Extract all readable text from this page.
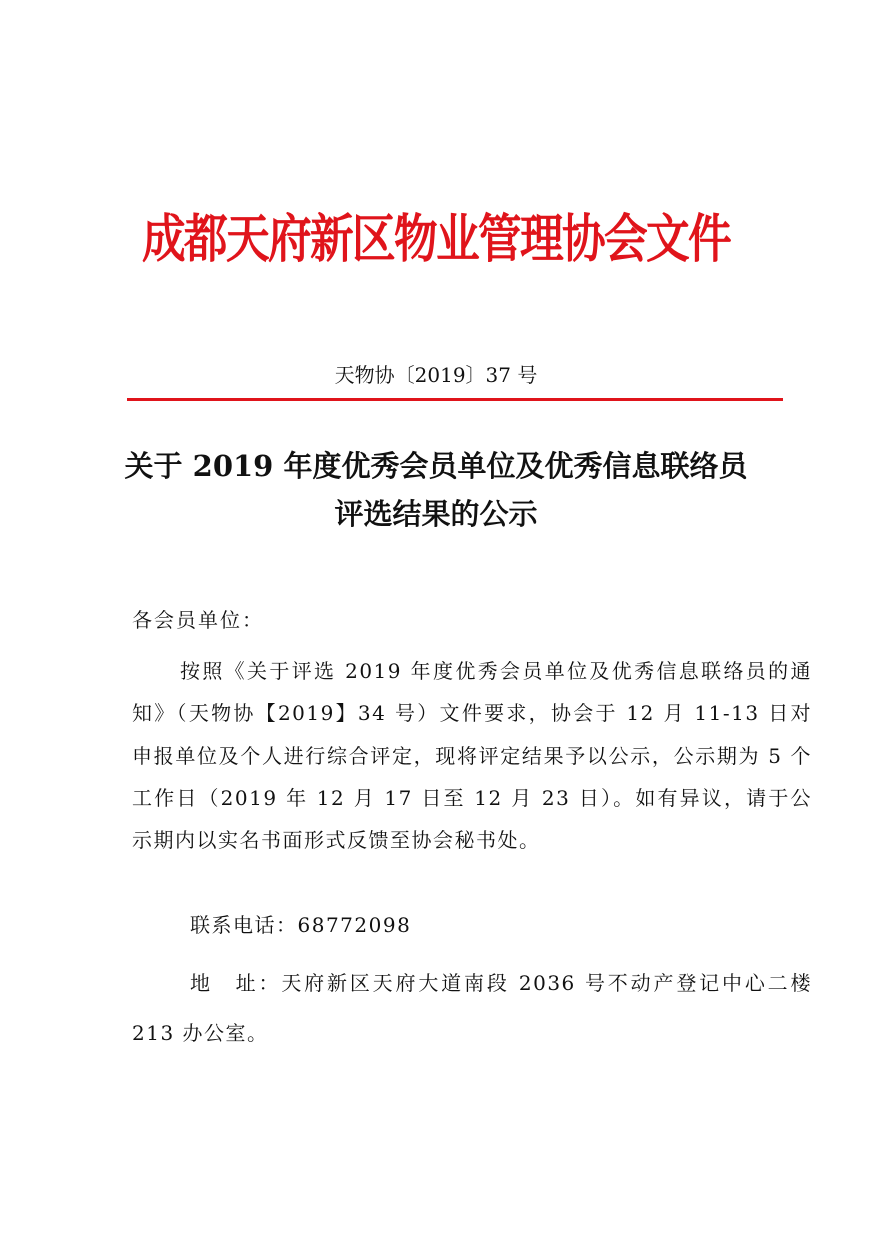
成都天府新区物业管理协会文件
天物协〔2019〕37 号
关于 2019 年度优秀会员单位及优秀信息联络员
评选结果的公示
各会员单位：
按照《关于评选 2019 年度优秀会员单位及优秀信息联络员的通知》（天物协【2019】34 号）文件要求，协会于 12 月 11-13 日对申报单位及个人进行综合评定，现将评定结果予以公示，公示期为 5 个工作日（2019 年 12 月 17 日至 12 月 23 日）。如有异议，请于公示期内以实名书面形式反馈至协会秘书处。
联系电话：68772098
地　址：天府新区天府大道南段 2036 号不动产登记中心二楼 213 办公室。
